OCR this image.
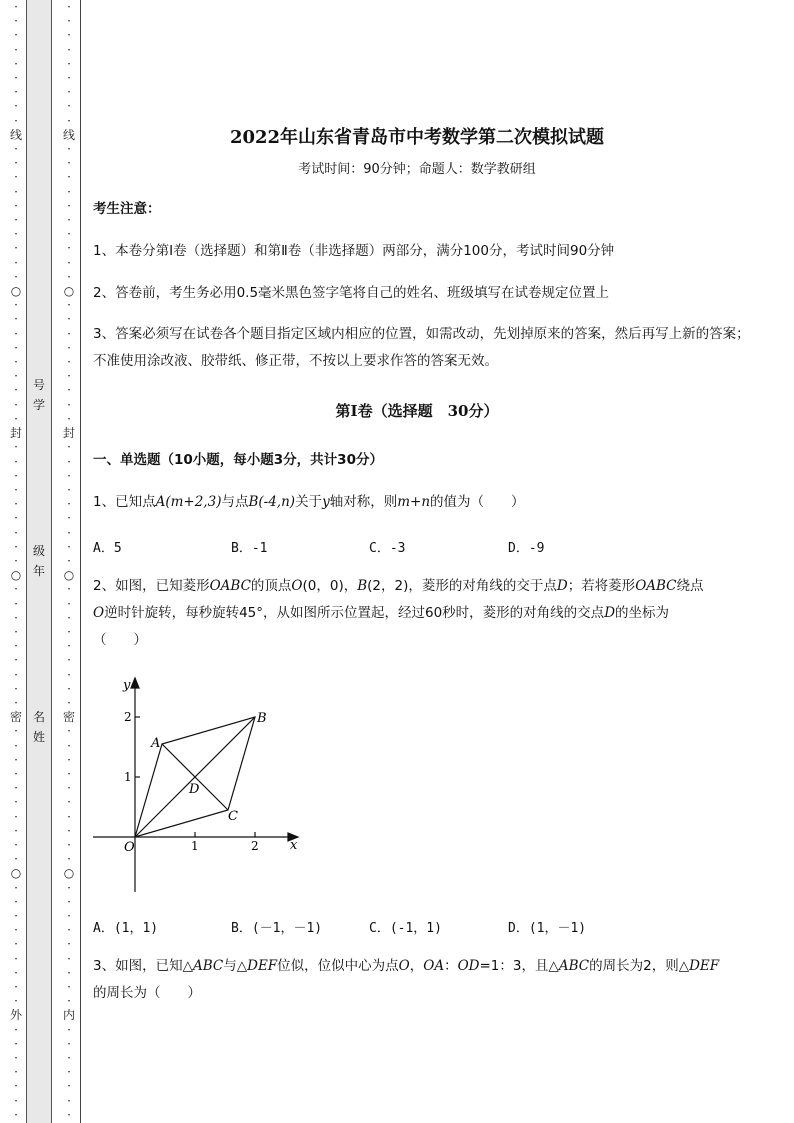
·
·
·
·
·
·
·
·
·
线
·
·
·
·
·
·
·
·
·
·
○
·
·
·
·
·
·
·
·
·
封
·
·
·
·
·
·
·
·
·
○
·
·
·
·
·
·
·
·
·
密
·
·
·
·
·
·
·
·
·
·
○
·
·
·
·
·
·
·
·
·
外
·
·
·
·
·
·
·
·
·
·
·
·
·
·
·
·
线
·
·
·
·
·
·
·
·
·
·
○
·
·
·
·
·
·
·
·
·
封
·
·
·
·
·
·
·
·
·
○
·
·
·
·
·
·
·
·
·
密
·
·
·
·
·
·
·
·
·
·
○
·
·
·
·
·
·
·
·
·
内
·
·
·
·
·
·
·
号
学
级
年
名
姓
2022年山东省青岛市中考数学第二次模拟试题
考试时间：90分钟；命题人：数学教研组
考生注意：
1、本卷分第I卷（选择题）和第Ⅱ卷（非选择题）两部分，满分100分，考试时间90分钟
2、答卷前，考生务必用0.5毫米黑色签字笔将自己的姓名、班级填写在试卷规定位置上
3、答案必须写在试卷各个题目指定区域内相应的位置，如需改动，先划掉原来的答案，然后再写上新的答案；不准使用涂改液、胶带纸、修正带，不按以上要求作答的答案无效。
第I卷（选择题　30分）
一、单选题（10小题，每小题3分，共计30分）
1、已知点A(m+2,3)与点B(-4,n)关于y轴对称，则m+n的值为（　　）
A．5	B．-1	C．-3	D．-9
2、如图，已知菱形OABC的顶点O(0，0)，B(2，2)，菱形的对角线的交于点D；若将菱形OABC绕点
O逆时针旋转，每秒旋转45°，从如图所示位置起，经过60秒时，菱形的对角线的交点D的坐标为
（　　）
y
x
O	1	2
1
2
A
B
C
D
A．(1，1)	B．(－1，－1)	C．(-1，1)	D．(1，－1)
3、如图，已知△ABC与△DEF位似，位似中心为点O，OA：OD=1：3，且△ABC的周长为2，则△DEF
的周长为（　　）
